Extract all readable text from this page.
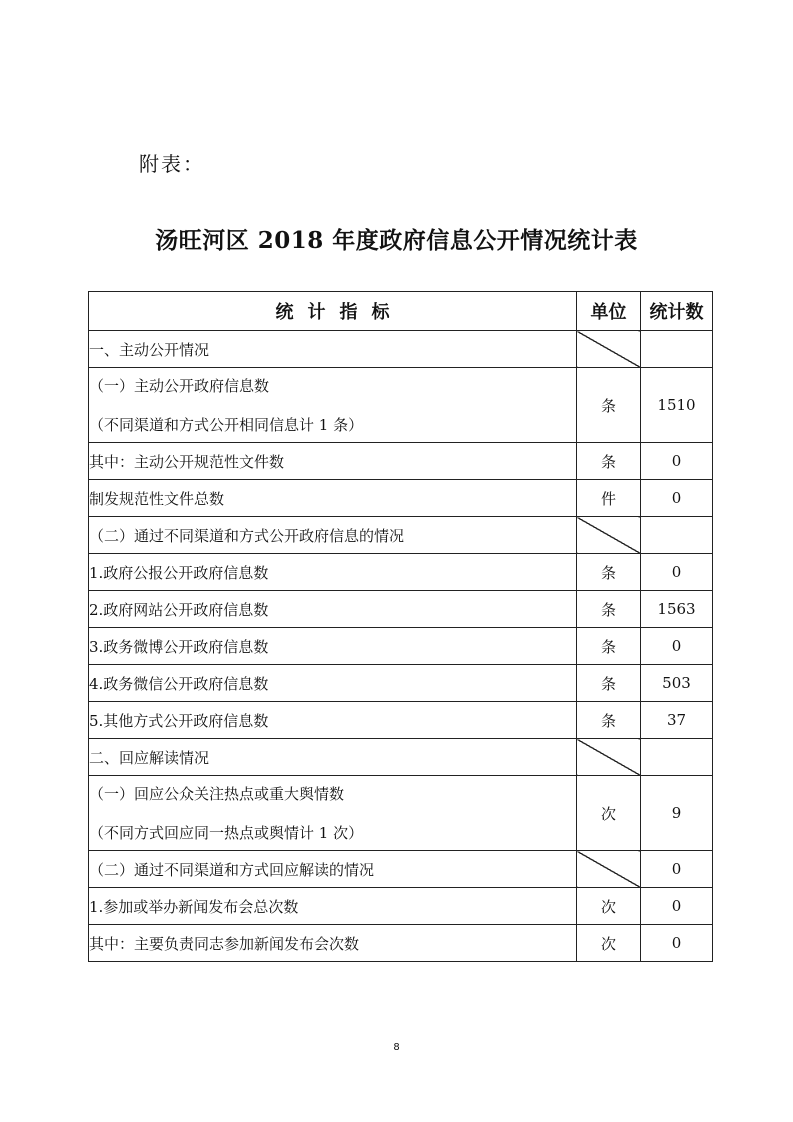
附表：
汤旺河区 2018 年度政府信息公开情况统计表
统计指标	单位	统计数

一、主动公开情况		

（一）主动公开政府信息数
（不同渠道和方式公开相同信息计 1 条）	条	1510

其中：主动公开规范性文件数	条	0

制发规范性文件总数	件	0

（二）通过不同渠道和方式公开政府信息的情况		

1.政府公报公开政府信息数	条	0

2.政府网站公开政府信息数	条	1563

3.政务微博公开政府信息数	条	0

4.政务微信公开政府信息数	条	503

5.其他方式公开政府信息数	条	37

二、回应解读情况		

（一）回应公众关注热点或重大舆情数
（不同方式回应同一热点或舆情计 1 次）	次	9

（二）通过不同渠道和方式回应解读的情况		0

1.参加或举办新闻发布会总次数	次	0

其中：主要负责同志参加新闻发布会次数	次	0
8
